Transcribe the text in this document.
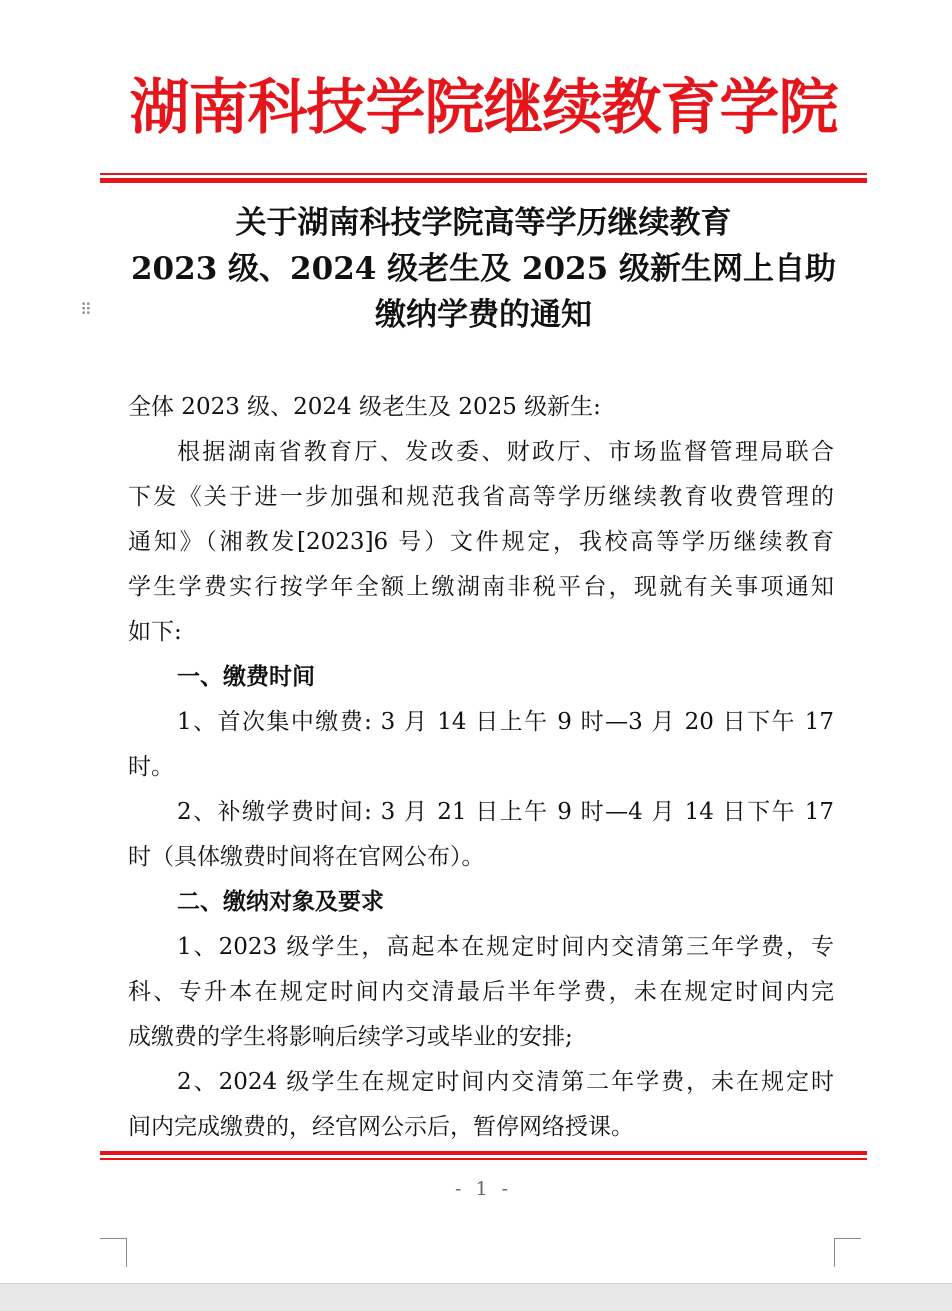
湖南科技学院继续教育学院
关于湖南科技学院高等学历继续教育
2023 级、2024 级老生及 2025 级新生网上自助
缴纳学费的通知
⠿
全体 2023 级、2024 级老生及 2025 级新生:
根据湖南省教育厅、发改委、财政厅、市场监督管理局联合
下发《关于进一步加强和规范我省高等学历继续教育收费管理的
通知》（湘教发[2023]6 号）文件规定，我校高等学历继续教育
学生学费实行按学年全额上缴湖南非税平台，现就有关事项通知
如下:
一、缴费时间
1、首次集中缴费: 3 月 14 日上午 9 时—3 月 20 日下午 17
时。
2、补缴学费时间: 3 月 21 日上午 9 时—4 月 14 日下午 17
时（具体缴费时间将在官网公布）。
二、缴纳对象及要求
1、2023 级学生，高起本在规定时间内交清第三年学费，专
科、专升本在规定时间内交清最后半年学费，未在规定时间内完
成缴费的学生将影响后续学习或毕业的安排;
2、2024 级学生在规定时间内交清第二年学费，未在规定时
间内完成缴费的，经官网公示后，暂停网络授课。
- 1 -
